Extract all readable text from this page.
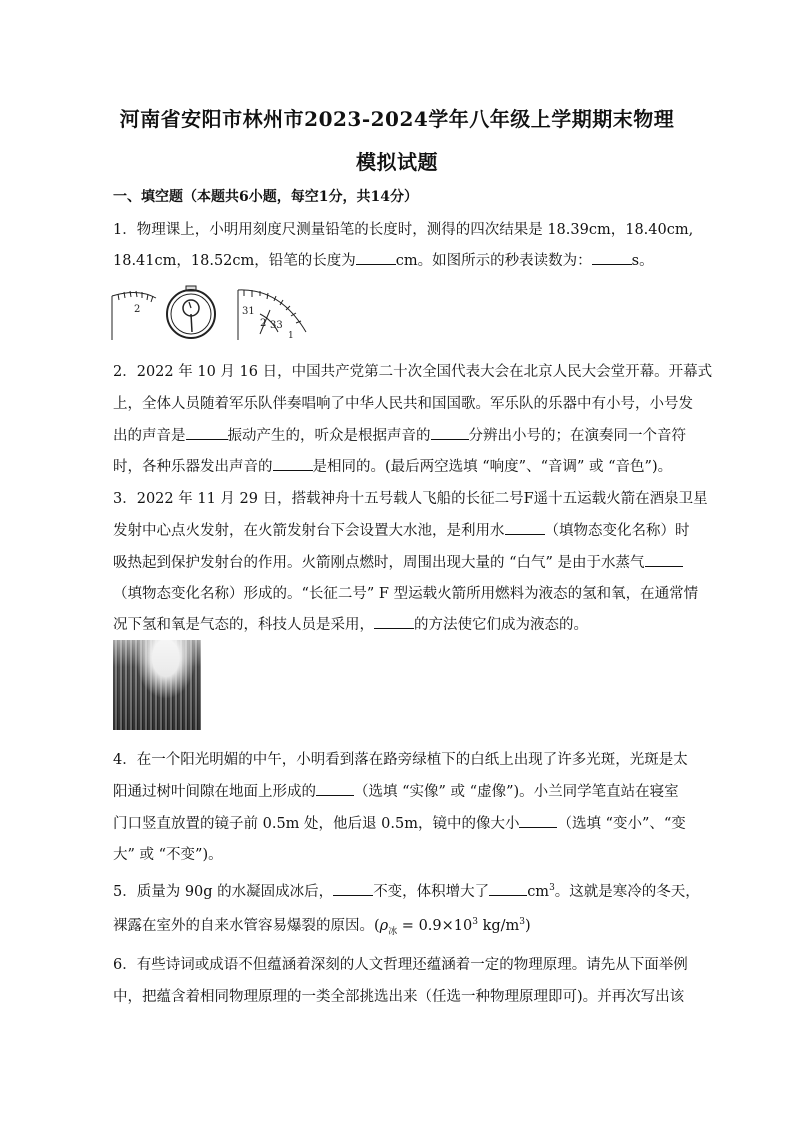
河南省安阳市林州市2023-2024学年八年级上学期期末物理
模拟试题
一、填空题（本题共6小题，每空1分，共14分）
1．物理课上，小明用刻度尺测量铅笔的长度时，测得的四次结果是 18.39cm，18.40cm,
18.41cm，18.52cm，铅笔的长度为	cm。如图所示的秒表读数为：	s。
2	31
33
2
1
2．2022 年 10 月 16 日，中国共产党第二十次全国代表大会在北京人民大会堂开幕。开幕式
上，全体人员随着军乐队伴奏唱响了中华人民共和国国歌。军乐队的乐器中有小号，小号发
出的声音是	振动产生的，听众是根据声音的	分辨出小号的；在演奏同一个音符
时，各种乐器发出声音的	是相同的。(最后两空选填 “响度”、“音调” 或 “音色”)。
3．2022 年 11 月 29 日，搭载神舟十五号载人飞船的长征二号F遥十五运载火箭在酒泉卫星
发射中心点火发射，在火箭发射台下会设置大水池，是利用水	（填物态变化名称）时
吸热起到保护发射台的作用。火箭刚点燃时，周围出现大量的 “白气” 是由于水蒸气
（填物态变化名称）形成的。“长征二号” F 型运载火箭所用燃料为液态的氢和氧，在通常情
况下氢和氧是气态的，科技人员是采用，	的方法使它们成为液态的。
4．在一个阳光明媚的中午，小明看到落在路旁绿植下的白纸上出现了许多光斑，光斑是太
阳通过树叶间隙在地面上形成的	（选填 “实像” 或 “虚像”)。小兰同学笔直站在寝室
门口竖直放置的镜子前 0.5m 处，他后退 0.5m，镜中的像大小	（选填 “变小”、“变
大” 或 “不变”)。
5．质量为 90g 的水凝固成冰后，	不变，体积增大了	$cm^3$。这就是寒冷的冬天，
裸露在室外的自来水管容易爆裂的原因。($\rho_冰 = 0.9\times 10^3$ $kg/m^3$)
6．有些诗词或成语不但蕴涵着深刻的人文哲理还蕴涵着一定的物理原理。请先从下面举例
中，把蕴含着相同物理原理的一类全部挑选出来（任选一种物理原理即可)。并再次写出该
